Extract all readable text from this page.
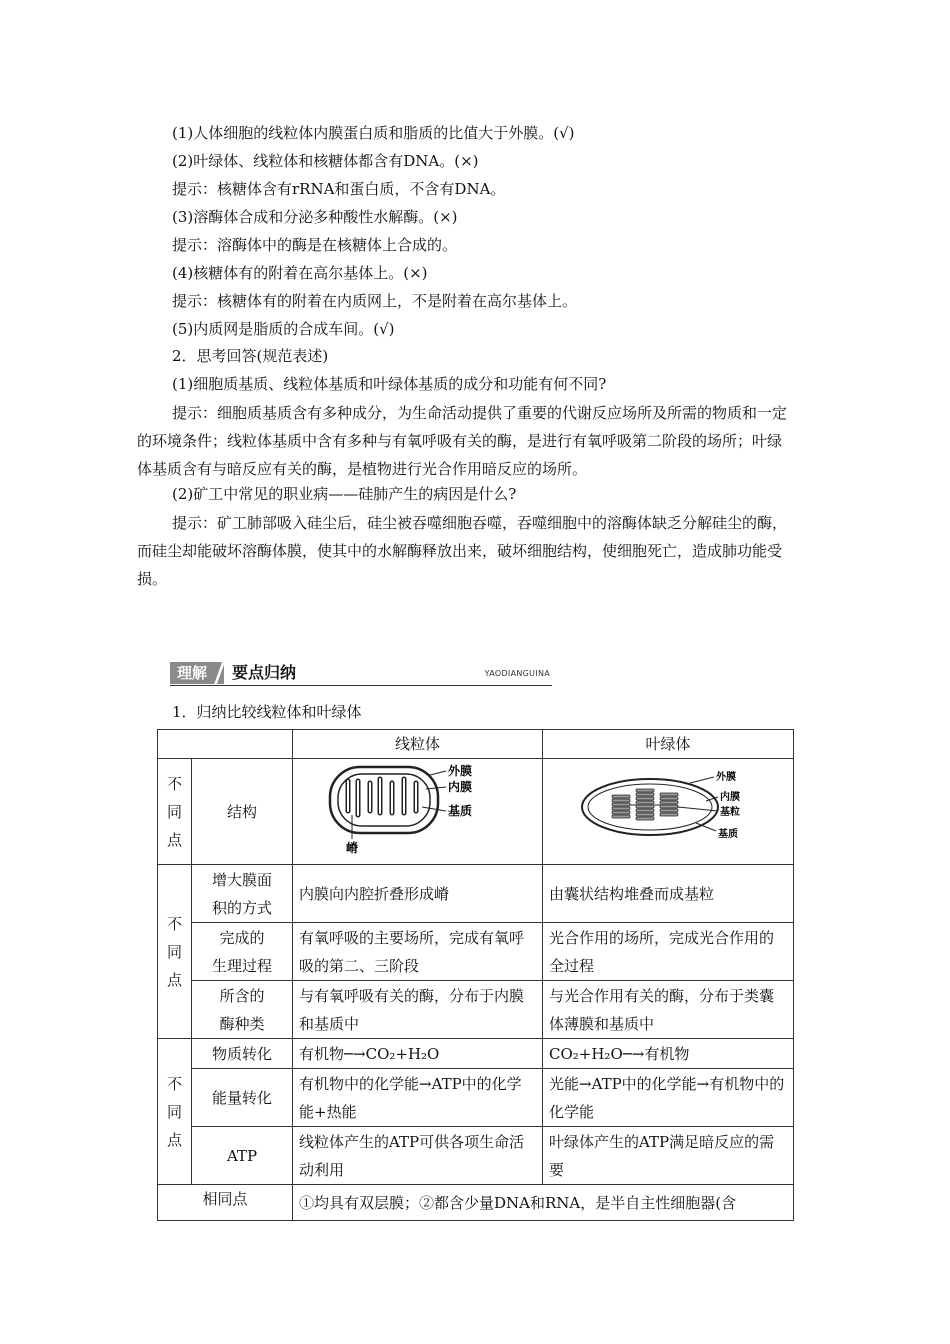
(1)人体细胞的线粒体内膜蛋白质和脂质的比值大于外膜。(√)
(2)叶绿体、线粒体和核糖体都含有DNA。(×)
提示：核糖体含有rRNA和蛋白质，不含有DNA。
(3)溶酶体合成和分泌多种酸性水解酶。(×)
提示：溶酶体中的酶是在核糖体上合成的。
(4)核糖体有的附着在高尔基体上。(×)
提示：核糖体有的附着在内质网上，不是附着在高尔基体上。
(5)内质网是脂质的合成车间。(√)
2．思考回答(规范表述)
(1)细胞质基质、线粒体基质和叶绿体基质的成分和功能有何不同?
提示：细胞质基质含有多种成分，为生命活动提供了重要的代谢反应场所及所需的物质和一定的环境条件；线粒体基质中含有多种与有氧呼吸有关的酶，是进行有氧呼吸第二阶段的场所；叶绿体基质含有与暗反应有关的酶，是植物进行光合作用暗反应的场所。
(2)矿工中常见的职业病——硅肺产生的病因是什么?
提示：矿工肺部吸入硅尘后，硅尘被吞噬细胞吞噬，吞噬细胞中的溶酶体缺乏分解硅尘的酶，而硅尘却能破坏溶酶体膜，使其中的水解酶释放出来，破坏细胞结构，使细胞死亡，造成肺功能受损。
理解	要点归纳	YAODIANGUINA
1．归纳比较线粒体和叶绿体
		线粒体	叶绿体

不
同
点	结构	外膜
内膜
基质
嵴	外膜
内膜
基粒
基质

不
同
点	增大膜面
积的方式	内膜向内腔折叠形成嵴	由囊状结构堆叠而成基粒
	完成的
生理过程	有氧呼吸的主要场所，完成有氧呼吸的第二、三阶段	光合作用的场所，完成光合作用的全过程
	所含的
酶种类	与有氧呼吸有关的酶，分布于内膜和基质中	与光合作用有关的酶，分布于类囊体薄膜和基质中

不
同
点	物质转化	有机物─→CO₂+H₂O	CO₂+H₂O─→有机物
	能量转化	有机物中的化学能→ATP中的化学能+热能	光能→ATP中的化学能→有机物中的化学能
	ATP	线粒体产生的ATP可供各项生命活动利用	叶绿体产生的ATP满足暗反应的需要
相同点		①均具有双层膜；②都含少量DNA和RNA，是半自主性细胞器(含	
